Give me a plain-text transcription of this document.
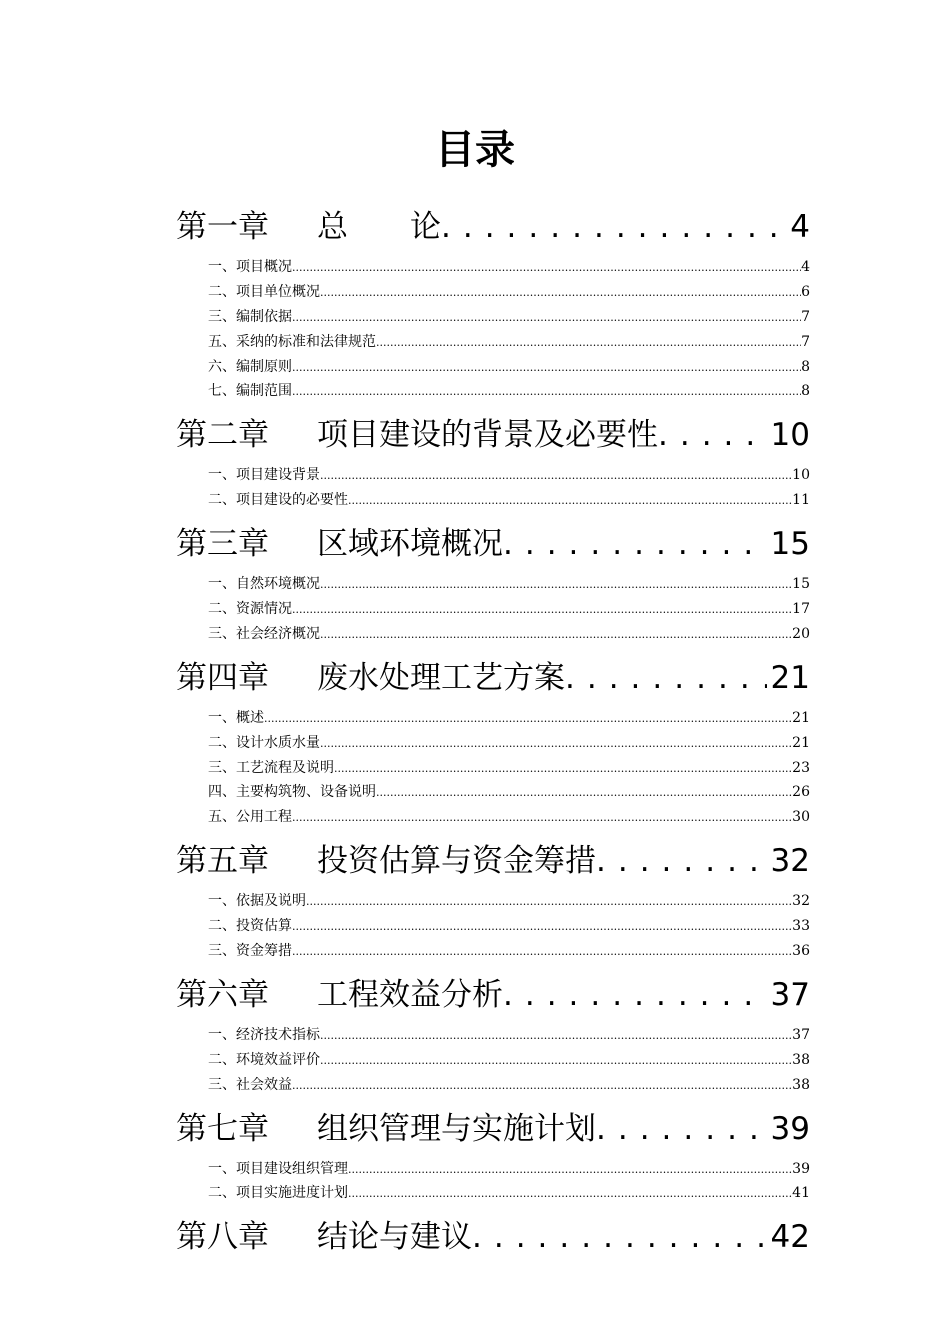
目录
第一章 总　　论 .....	4
一、项目概况 .....	4
二、项目单位概况 .....	6
三、编制依据 .....	7
五、采纳的标准和法律规范 .....	7
六、编制原则 .....	8
七、编制范围 .....	8
第二章 项目建设的背景及必要性 .....	10
一、项目建设背景 .....	10
二、项目建设的必要性 .....	11
第三章 区域环境概况 .....	15
一、自然环境概况 .....	15
二、资源情况 .....	17
三、社会经济概况 .....	20
第四章 废水处理工艺方案 .....	21
一、概述 .....	21
二、设计水质水量 .....	21
三、工艺流程及说明 .....	23
四、主要构筑物、设备说明 .....	26
五、公用工程 .....	30
第五章 投资估算与资金筹措 .....	32
一、依据及说明 .....	32
二、投资估算 .....	33
三、资金筹措 .....	36
第六章 工程效益分析 .....	37
一、经济技术指标 .....	37
二、环境效益评价 .....	38
三、社会效益 .....	38
第七章 组织管理与实施计划 .....	39
一、项目建设组织管理 .....	39
二、项目实施进度计划 .....	41
第八章 结论与建议 .....	42
